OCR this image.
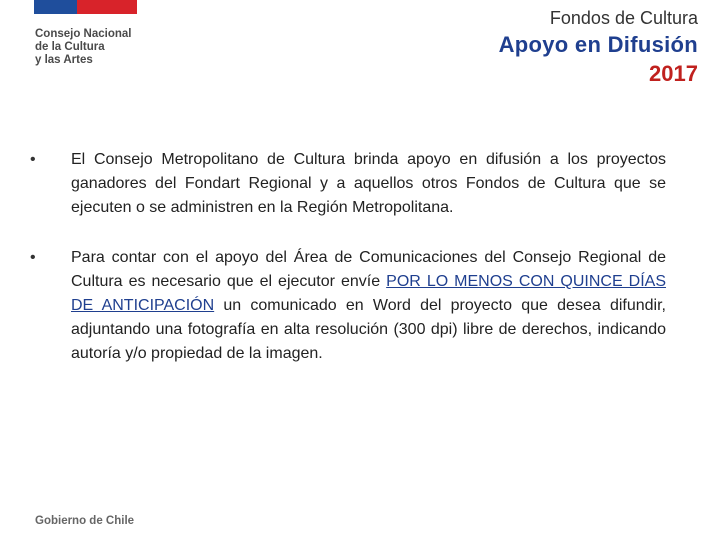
Consejo Nacional
de la Cultura
y las Artes
Fondos de Cultura
Apoyo en Difusión
2017
•	El Consejo Metropolitano de Cultura brinda apoyo en difusión a los proyectos ganadores del Fondart Regional y a aquellos otros Fondos de Cultura que se ejecuten o se administren en la Región Metropolitana.
•	Para contar con el apoyo del Área de Comunicaciones del Consejo Regional de Cultura es necesario que el ejecutor envíe POR LO MENOS CON QUINCE DÍAS DE ANTICIPACIÓN un comunicado en Word del proyecto que desea difundir, adjuntando una fotografía en alta resolución (300 dpi) libre de derechos, indicando autoría y/o propiedad de la imagen.
Gobierno de Chile
